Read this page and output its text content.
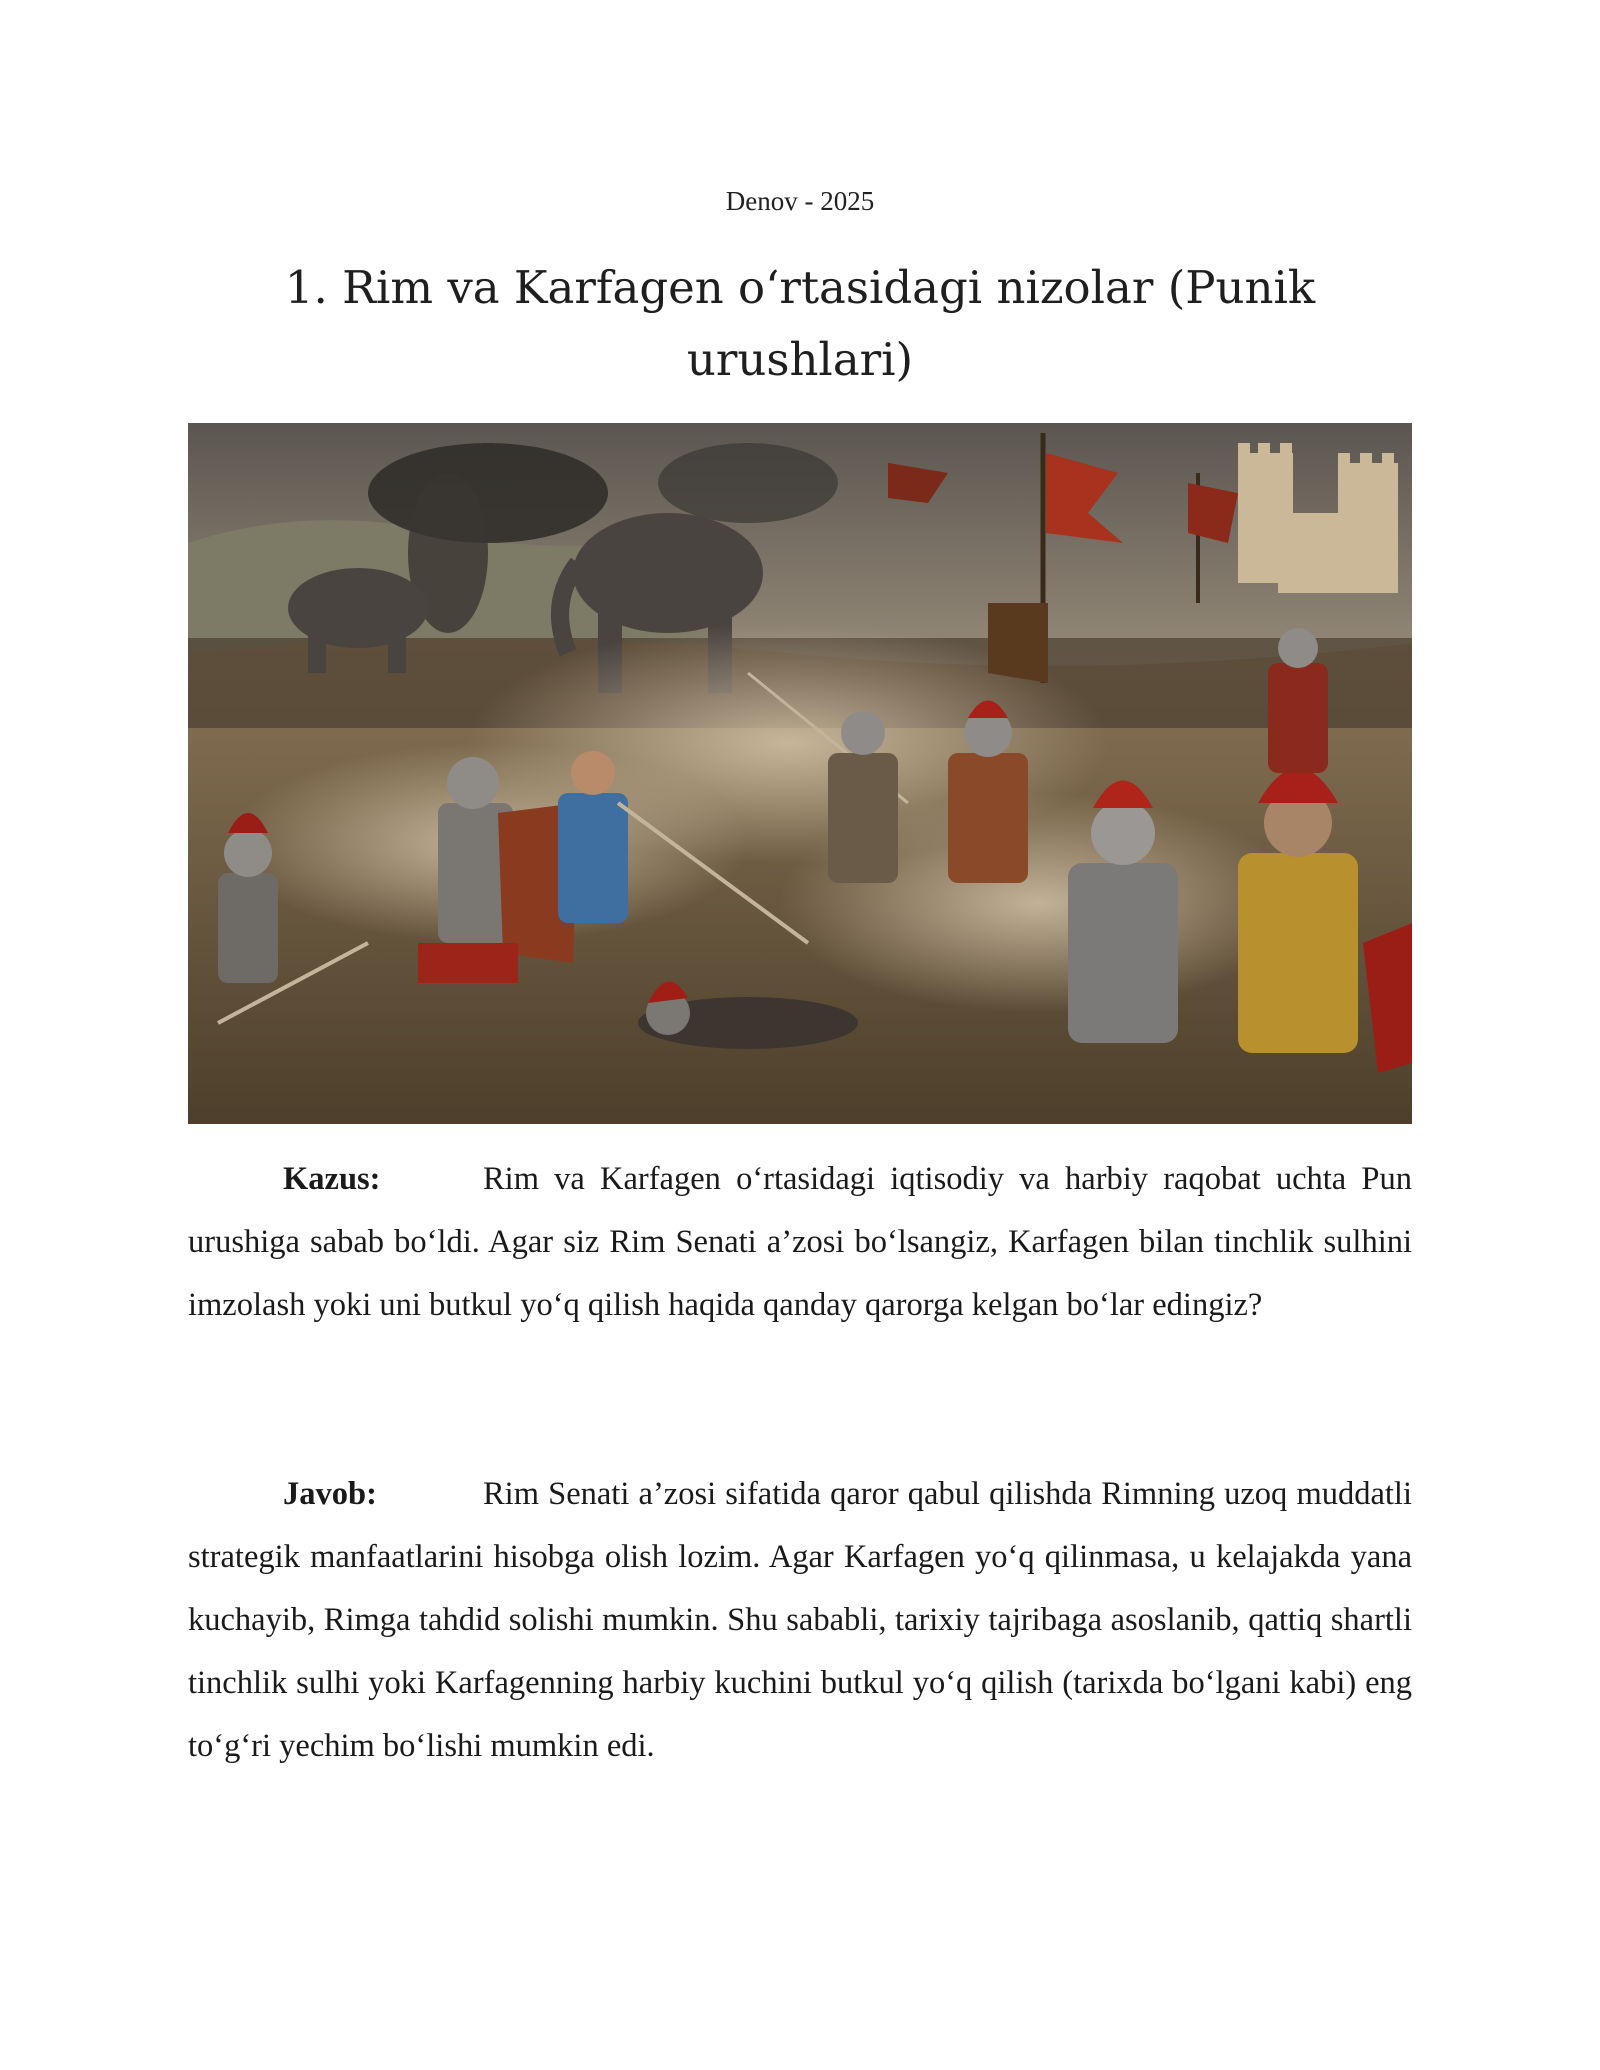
Denov - 2025
1. Rim va Karfagen oʻrtasidagi nizolar (Punik
urushlari)

Kazus:	Rim va Karfagen oʻrtasidagi iqtisodiy va harbiy raqobat uchta Pun urushiga sabab boʻldi. Agar siz Rim Senati a’zosi boʻlsangiz, Karfagen bilan tinchlik sulhini imzolash yoki uni butkul yoʻq qilish haqida qanday qarorga kelgan boʻlar edingiz?

Javob:	Rim Senati a’zosi sifatida qaror qabul qilishda Rimning uzoq muddatli strategik manfaatlarini hisobga olish lozim. Agar Karfagen yoʻq qilinmasa, u kelajakda yana kuchayib, Rimga tahdid solishi mumkin. Shu sababli, tarixiy tajribaga asoslanib, qattiq shartli tinchlik sulhi yoki Karfagenning harbiy kuchini butkul yoʻq qilish (tarixda boʻlgani kabi) eng toʻgʻri yechim boʻlishi mumkin edi.
